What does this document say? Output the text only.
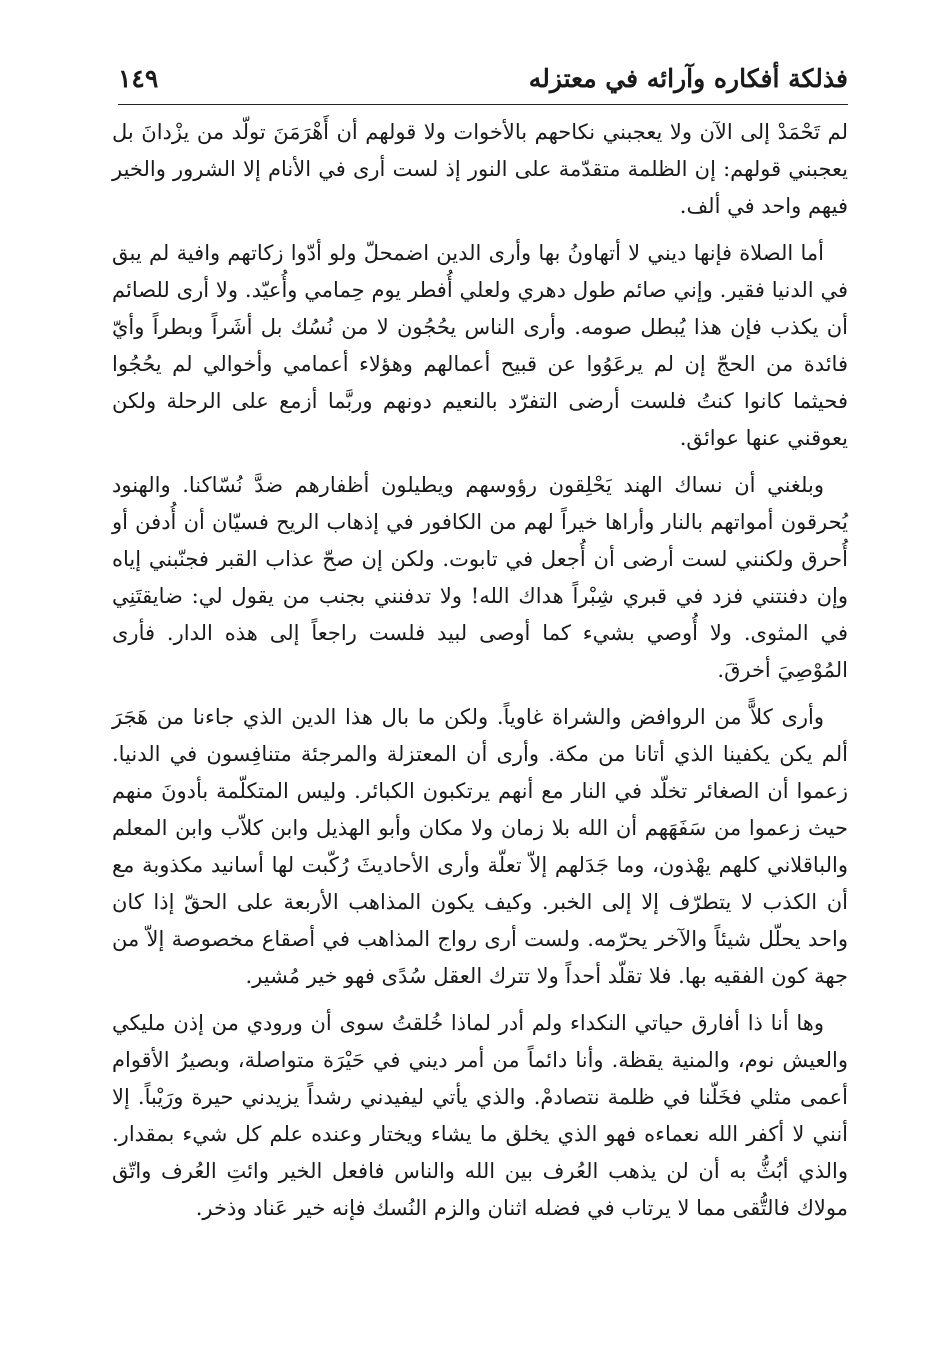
فذلكة أفكاره وآرائه في معتزله
١٤٩

لم تَحْمَدْ إلى الآن ولا يعجبني نكاحهم بالأخوات ولا قولهم أن أَهْرَمَنَ تولّد من يزْدانَ بل يعجبني قولهم: إن الظلمة متقدّمة على النور إذ لست أرى في الأنام إلا الشرور والخير فيهم واحد في ألف.

أما الصلاة فإنها ديني لا أتهاونُ بها وأرى الدين اضمحلّ ولو أدّوا زكاتهم وافية لم يبق في الدنيا فقير. وإني صائم طول دهري ولعلي أُفطر يوم حِمامي وأُعيّد. ولا أرى للصائم أن يكذب فإن هذا يُبطل صومه. وأرى الناس يحُجُون لا من نُسُك بل أشَراً وبطراً وأيّ فائدة من الحجّ إن لم يرعَوُوا عن قبيح أعمالهم وهؤلاء أعمامي وأخوالي لم يحُجُوا فحيثما كانوا كنتُ فلست أرضى التفرّد بالنعيم دونهم وربَّما أزمع على الرحلة ولكن يعوقني عنها عوائق.

وبلغني أن نساك الهند يَحْلِقون رؤوسهم ويطيلون أظفارهم ضدَّ نُسّاكنا. والهنود يُحرقون أمواتهم بالنار وأراها خيراً لهم من الكافور في إذهاب الريح فسيّان أن أُدفن أو أُحرق ولكنني لست أرضى أن أُجعل في تابوت. ولكن إن صحّ عذاب القبر فجنّبني إياه وإن دفنتني فزد في قبري شِبْراً هداك الله! ولا تدفنني بجنب من يقول لي: ضايقتَنِي في المثوى. ولا أُوصي بشيء كما أوصى لبيد فلست راجعاً إلى هذه الدار. فأرى المُوْصِيَ أخرقَ.

وأرى كلاًّ من الروافض والشراة غاوياً. ولكن ما بال هذا الدين الذي جاءنا من هَجَرَ ألم يكن يكفينا الذي أتانا من مكة. وأرى أن المعتزلة والمرجئة متنافِسون في الدنيا. زعموا أن الصغائر تخلّد في النار مع أنهم يرتكبون الكبائر. وليس المتكلّمة بأدونَ منهم حيث زعموا من سَفَهَهم أن الله بلا زمان ولا مكان وأبو الهذيل وابن كلاّب وابن المعلم والباقلاني كلهم يهْذون، وما جَدَلهم إلاّ تعلّة وأرى الأحاديثَ رُكّبت لها أسانيد مكذوبة مع أن الكذب لا يتطرّف إلا إلى الخبر. وكيف يكون المذاهب الأربعة على الحقّ إذا كان واحد يحلّل شيئاً والآخر يحرّمه. ولست أرى رواج المذاهب في أصقاع مخصوصة إلاّ من جهة كون الفقيه بها. فلا تقلّد أحداً ولا تترك العقل سُدًى فهو خير مُشير.

وها أنا ذا أفارق حياتي النكداء ولم أدر لماذا خُلقتُ سوى أن ورودي من إذن مليكي والعيش نوم، والمنية يقظة. وأنا دائماً من أمر ديني في حَيْرَة متواصلة، وبصيرُ الأقوام أعمى مثلي فخَلّنا في ظلمة نتصادمْ. والذي يأتي ليفيدني رشداً يزيدني حيرة ورَيْباً. إلا أنني لا أكفر الله نعماءه فهو الذي يخلق ما يشاء ويختار وعنده علم كل شيء بمقدار. والذي أبُثُّ به أن لن يذهب العُرف بين الله والناس فافعل الخير وائتِ العُرف واتّق مولاك فالتُّقى مما لا يرتاب في فضله اثنان والزم النُسك فإنه خير عَناد وذخر.
